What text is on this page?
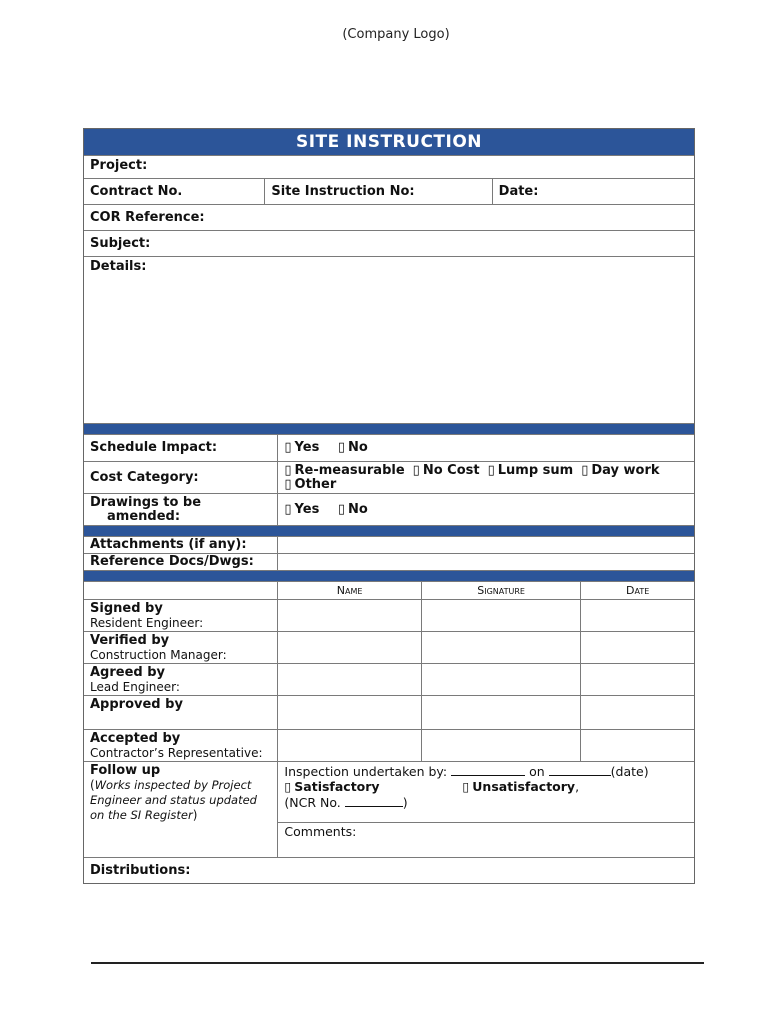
(Company Logo)
SITE INSTRUCTION
Project:
Contract No.	Site Instruction No:	Date:
COR Reference:
Subject:
Details:
Schedule Impact:	▯ Yes ▯ No
Cost Category:	▯ Re-measurable ▯ No Cost ▯ Lump sum ▯ Day work
▯ Other
Drawings to be
amended:	▯ Yes ▯ No
Attachments (if any):
Reference Docs/Dwgs:
Name	Signature	Date
Signed by
Resident Engineer:
Verified by
Construction Manager:
Agreed by
Lead Engineer:
Approved by

Accepted by
Contractor’s Representative:
Follow up
(Works inspected by Project Engineer and status updated on the SI Register)
Inspection undertaken by:	on	(date)
▯ Satisfactory	▯ Unsatisfactory,
(NCR No.	)
Comments:
Distributions:
